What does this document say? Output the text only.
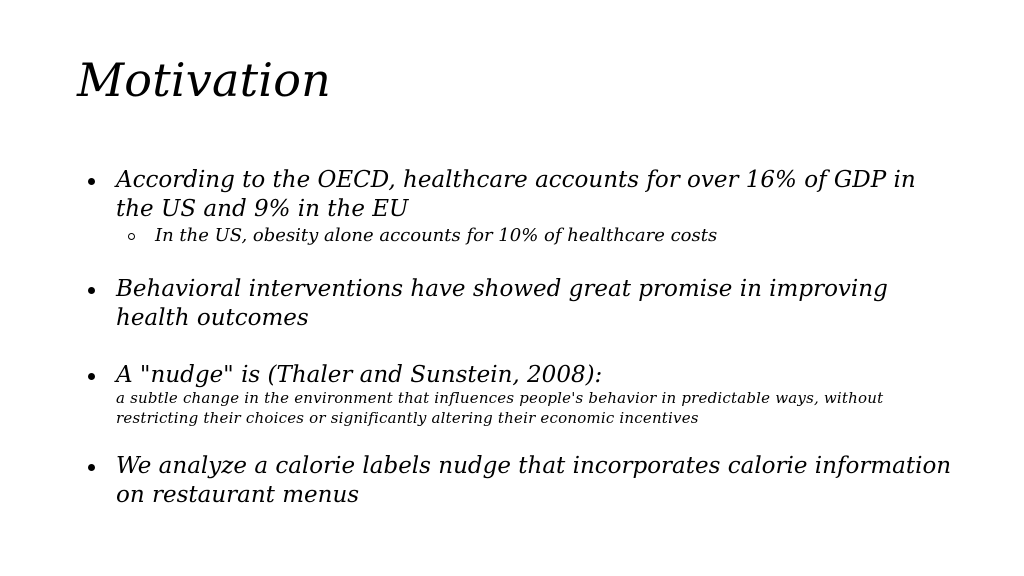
Motivation
According to the OECD, healthcare accounts for over 16% of GDP in the US and 9% in the EU
In the US, obesity alone accounts for 10% of healthcare costs
Behavioral interventions have showed great promise in improving health outcomes
A "nudge" is (Thaler and Sunstein, 2008):
a subtle change in the environment that influences people's behavior in predictable ways, without restricting their choices or significantly altering their economic incentives
We analyze a calorie labels nudge that incorporates calorie information on restaurant menus
